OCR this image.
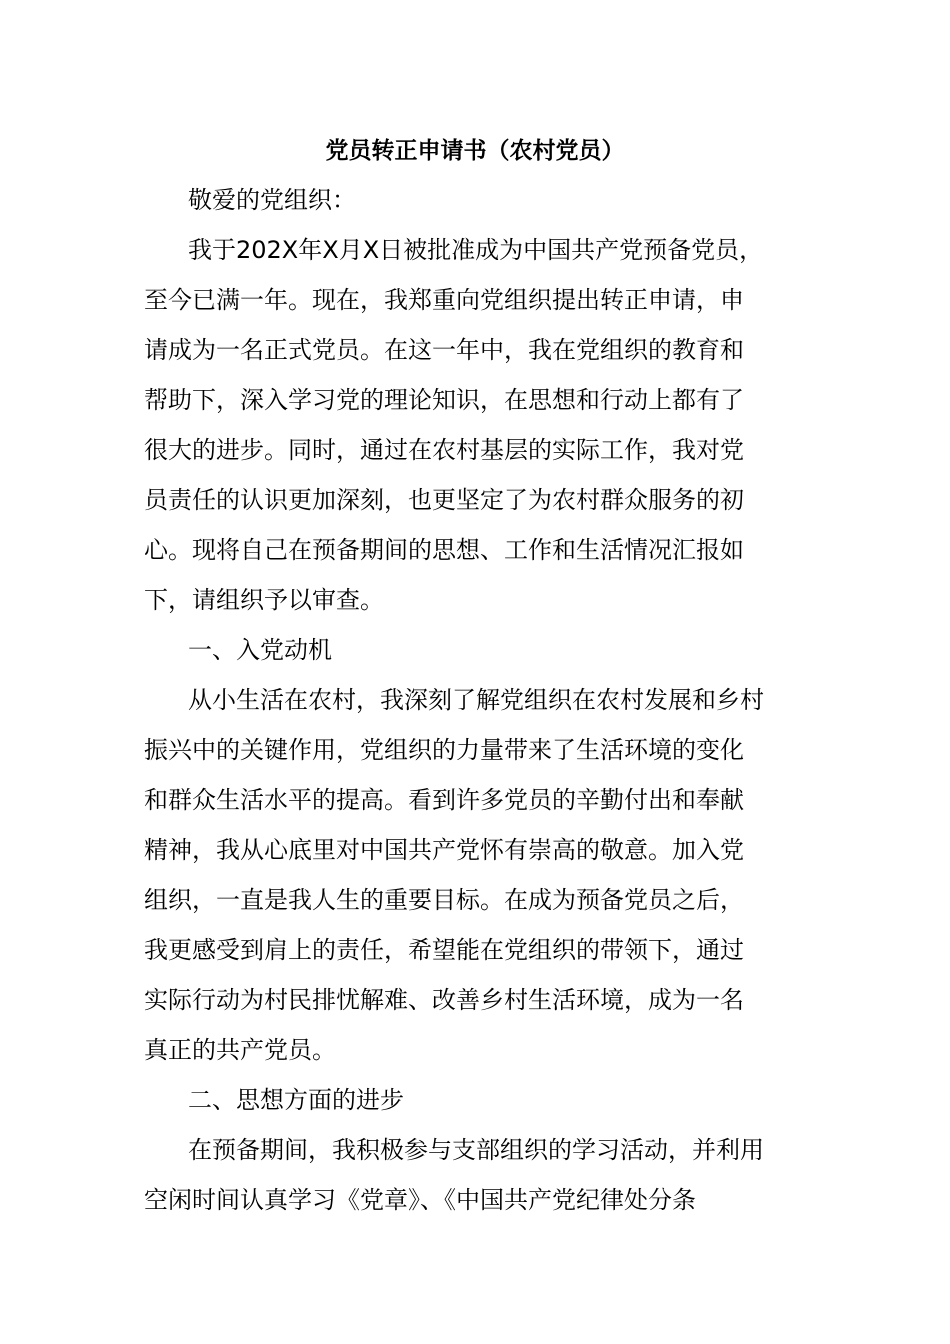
党员转正申请书（农村党员）
敬爱的党组织：
我于202X年X月X日被批准成为中国共产党预备党员，
至今已满一年。现在，我郑重向党组织提出转正申请，申
请成为一名正式党员。在这一年中，我在党组织的教育和
帮助下，深入学习党的理论知识，在思想和行动上都有了
很大的进步。同时，通过在农村基层的实际工作，我对党
员责任的认识更加深刻，也更坚定了为农村群众服务的初
心。现将自己在预备期间的思想、工作和生活情况汇报如
下，请组织予以审查。
一、入党动机
从小生活在农村，我深刻了解党组织在农村发展和乡村
振兴中的关键作用，党组织的力量带来了生活环境的变化
和群众生活水平的提高。看到许多党员的辛勤付出和奉献
精神，我从心底里对中国共产党怀有崇高的敬意。加入党
组织，一直是我人生的重要目标。在成为预备党员之后，
我更感受到肩上的责任，希望能在党组织的带领下，通过
实际行动为村民排忧解难、改善乡村生活环境，成为一名
真正的共产党员。
二、思想方面的进步
在预备期间，我积极参与支部组织的学习活动，并利用
空闲时间认真学习《党章》、《中国共产党纪律处分条
